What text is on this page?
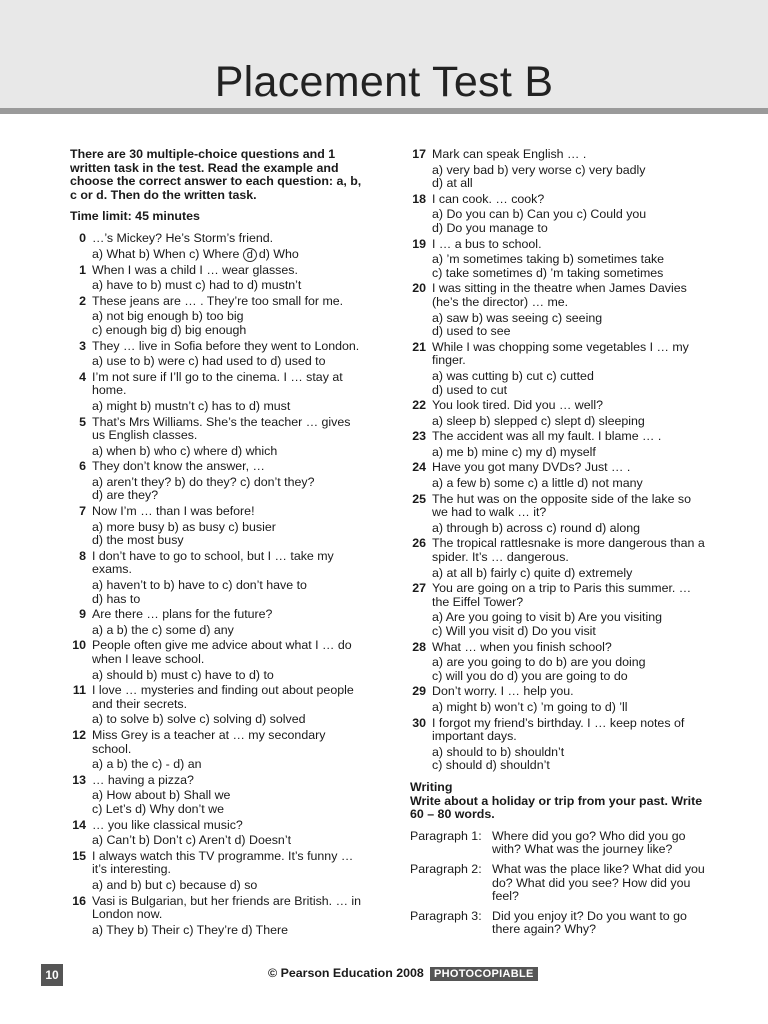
Placement Test B
There are 30 multiple-choice questions and 1 written task in the test. Read the example and choose the correct answer to each question: a, b, c or d. Then do the written task.
Time limit: 45 minutes
0 …’s Mickey? He’s Storm’s friend.
a) What b) When c) Where d d) Who
1 When I was a child I … wear glasses.
a) have to b) must c) had to d) mustn’t
2 These jeans are … . They’re too small for me.
a) not big enough b) too big
c) enough big d) big enough
3 They … live in Sofia before they went to London.
a) use to b) were c) had used to d) used to
4 I’m not sure if I’ll go to the cinema. I … stay at home.
a) might b) mustn’t c) has to d) must
5 That’s Mrs Williams. She’s the teacher … gives us English classes.
a) when b) who c) where d) which
6 They don’t know the answer, …
a) aren’t they? b) do they? c) don’t they?
d) are they?
7 Now I’m … than I was before!
a) more busy b) as busy c) busier
d) the most busy
8 I don’t have to go to school, but I … take my exams.
a) haven’t to b) have to c) don’t have to
d) has to
9 Are there … plans for the future?
a) a b) the c) some d) any
10 People often give me advice about what I … do when I leave school.
a) should b) must c) have to d) to
11 I love … mysteries and finding out about people and their secrets.
a) to solve b) solve c) solving d) solved
12 Miss Grey is a teacher at … my secondary school.
a) a b) the c) - d) an
13 … having a pizza?
a) How about b) Shall we
c) Let’s d) Why don’t we
14 … you like classical music?
a) Can’t b) Don’t c) Aren’t d) Doesn’t
15 I always watch this TV programme. It’s funny … it’s interesting.
a) and b) but c) because d) so
16 Vasi is Bulgarian, but her friends are British. … in London now.
a) They b) Their c) They’re d) There
17 Mark can speak English … .
a) very bad b) very worse c) very badly
d) at all
18 I can cook. … cook?
a) Do you can b) Can you c) Could you
d) Do you manage to
19 I … a bus to school.
a) ’m sometimes taking b) sometimes take
c) take sometimes d) ’m taking sometimes
20 I was sitting in the theatre when James Davies (he’s the director) … me.
a) saw b) was seeing c) seeing
d) used to see
21 While I was chopping some vegetables I … my finger.
a) was cutting b) cut c) cutted
d) used to cut
22 You look tired. Did you … well?
a) sleep b) slepped c) slept d) sleeping
23 The accident was all my fault. I blame … .
a) me b) mine c) my d) myself
24 Have you got many DVDs? Just … .
a) a few b) some c) a little d) not many
25 The hut was on the opposite side of the lake so we had to walk … it?
a) through b) across c) round d) along
26 The tropical rattlesnake is more dangerous than a spider. It’s … dangerous.
a) at all b) fairly c) quite d) extremely
27 You are going on a trip to Paris this summer. … the Eiffel Tower?
a) Are you going to visit b) Are you visiting
c) Will you visit d) Do you visit
28 What … when you finish school?
a) are you going to do b) are you doing
c) will you do d) you are going to do
29 Don’t worry. I … help you.
a) might b) won’t c) ’m going to d) ’ll
30 I forgot my friend’s birthday. I … keep notes of important days.
a) should to b) shouldn’t
c) should d) shouldn’t
Writing
Write about a holiday or trip from your past. Write 60 – 80 words.
Paragraph 1: Where did you go? Who did you go with? What was the journey like?
Paragraph 2: What was the place like? What did you do? What did you see? How did you feel?
Paragraph 3: Did you enjoy it? Do you want to go there again? Why?
10	© Pearson Education 2008 PHOTOCOPIABLE
